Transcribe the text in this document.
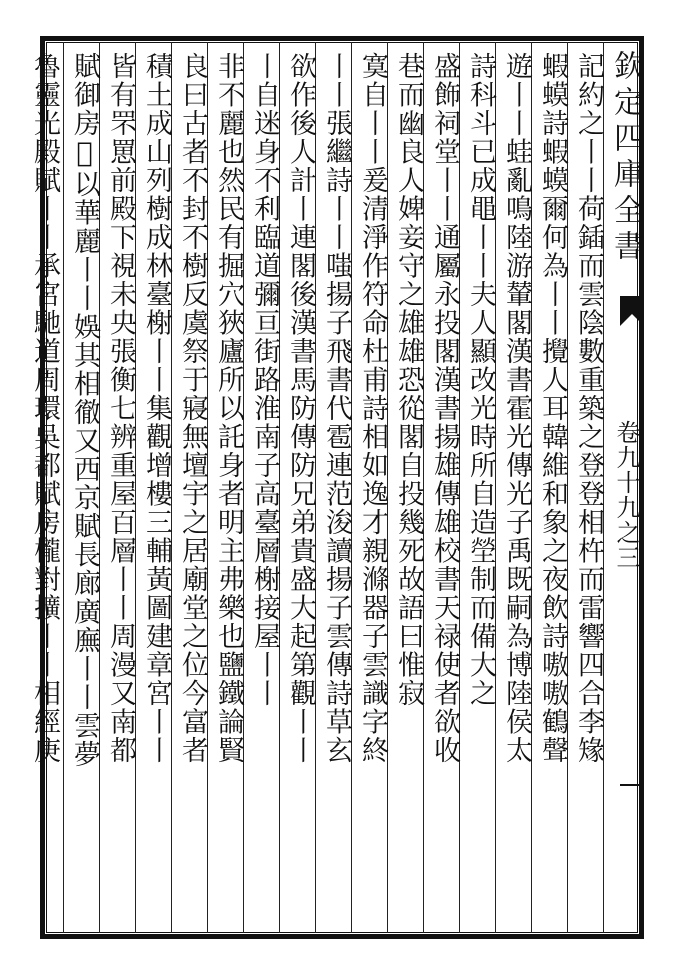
欽定四庫全書
卷九十九之三
記約之丨丨荷鍤而雲陰數重築之登登相杵而雷響四合李䂕
蝦蟆詩蝦蟆爾何為丨丨攪人耳韓維和象之夜飲詩嗷嗷鶴聲
遊丨丨蛙亂鳴陸游輦閣漢書霍光傳光子禹既嗣為博陸侯太
詩科斗已成黽丨丨夫人顯改光時所自造塋制而備大之
盛飾祠堂丨丨通屬永投閣漢書揚雄傳雄校書天禄使者欲收
巷而幽良人婢妾守之雄雄恐從閣自投幾死故語曰惟寂
寞自丨丨爰清淨作符命杜甫詩相如逸才親滌器子雲識字終
丨丨張繼詩丨丨嗤揚子飛書代雹連范浚讀揚子雲傳詩草玄
欲作後人計丨連閣後漢書馬防傳防兄弟貴盛大起第觀丨丨
丨自迷身不利臨道彌亘街路淮南子高臺層榭接屋丨丨
非不麗也然民有掘穴狹廬所以託身者明主弗樂也鹽鐵論賢
良曰古者不封不樹反虞祭于寢無壇宇之居廟堂之位今富者
積土成山列樹成林臺榭丨丨集觀增樓三輔黃圖建章宮丨丨
皆有罘罳前殿下視未央張衡七辨重屋百層丨丨周漫又南都
賦御房𢾾以華麗丨丨娛其相徹又西京賦長廊廣廡丨丨雲夢
魯靈光殿賦丨丨承宮馳道周環吳都賦房櫳對擴丨丨相經庚
